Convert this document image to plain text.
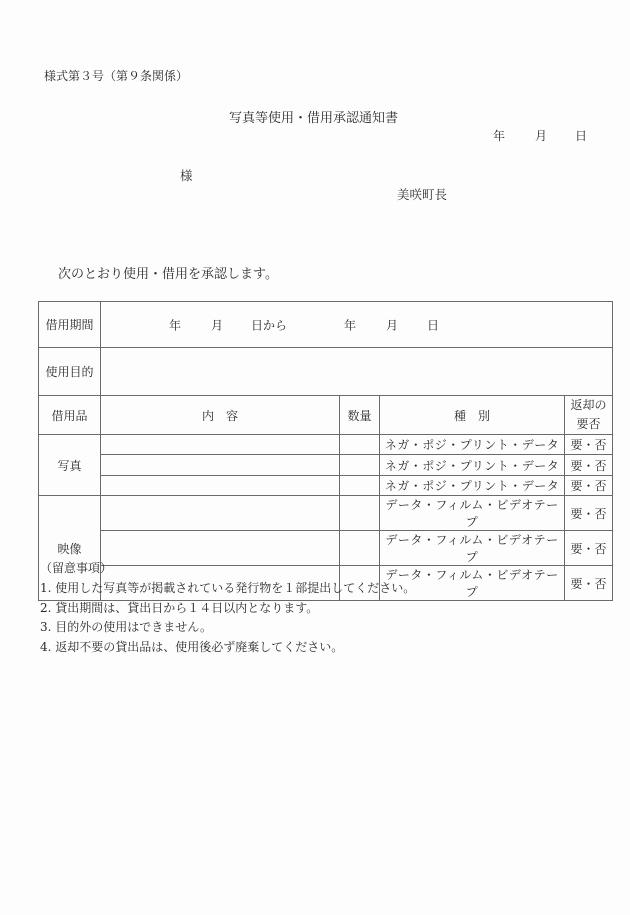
様式第３号（第９条関係）
写真等使用・借用承認通知書
年 月 日
様
美咲町長
次のとおり使用・借用を承認します。
借用期間	年 月 日から	年 月 日

使用目的				
借用品	内　容	数量	種　別	返却の
要否

写真			ネガ・ポジ・プリント・データ	要・否
			ネガ・ポジ・プリント・データ	要・否
			ネガ・ポジ・プリント・データ	要・否
映像			データ・フィルム・ビデオテープ	要・否
			データ・フィルム・ビデオテープ	要・否
			データ・フィルム・ビデオテープ	要・否
（留意事項）
1. 使用した写真等が掲載されている発行物を１部提出してください。
2. 貸出期間は、貸出日から１４日以内となります。
3. 目的外の使用はできません。
4. 返却不要の貸出品は、使用後必ず廃棄してください。
